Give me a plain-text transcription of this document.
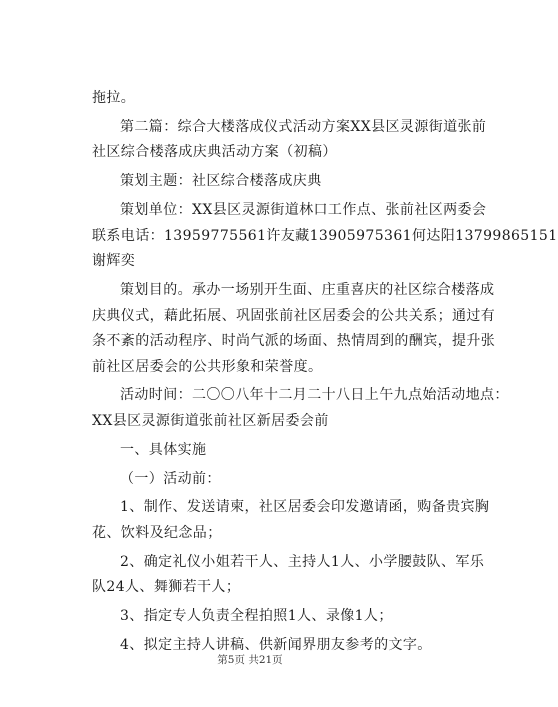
拖拉。
第二篇：综合大楼落成仪式活动方案XX县区灵源街道张前
社区综合楼落成庆典活动方案（初稿）
策划主题：社区综合楼落成庆典
策划单位：XX县区灵源街道林口工作点、张前社区两委会
联系电话：13959775561许友藏13905975361何达阳13799865151
谢辉奕
策划目的。承办一场别开生面、庄重喜庆的社区综合楼落成
庆典仪式，藉此拓展、巩固张前社区居委会的公共关系；通过有
条不紊的活动程序、时尚气派的场面、热情周到的酬宾，提升张
前社区居委会的公共形象和荣誉度。
活动时间：二〇〇八年十二月二十八日上午九点始活动地点：
XX县区灵源街道张前社区新居委会前
一、具体实施
（一）活动前：
1、制作、发送请柬，社区居委会印发邀请函，购备贵宾胸
花、饮料及纪念品；
2、确定礼仪小姐若干人、主持人1人、小学腰鼓队、军乐
队24人、舞狮若干人；
3、指定专人负责全程拍照1人、录像1人；
4、拟定主持人讲稿、供新闻界朋友参考的文字。
第5页 共21页
